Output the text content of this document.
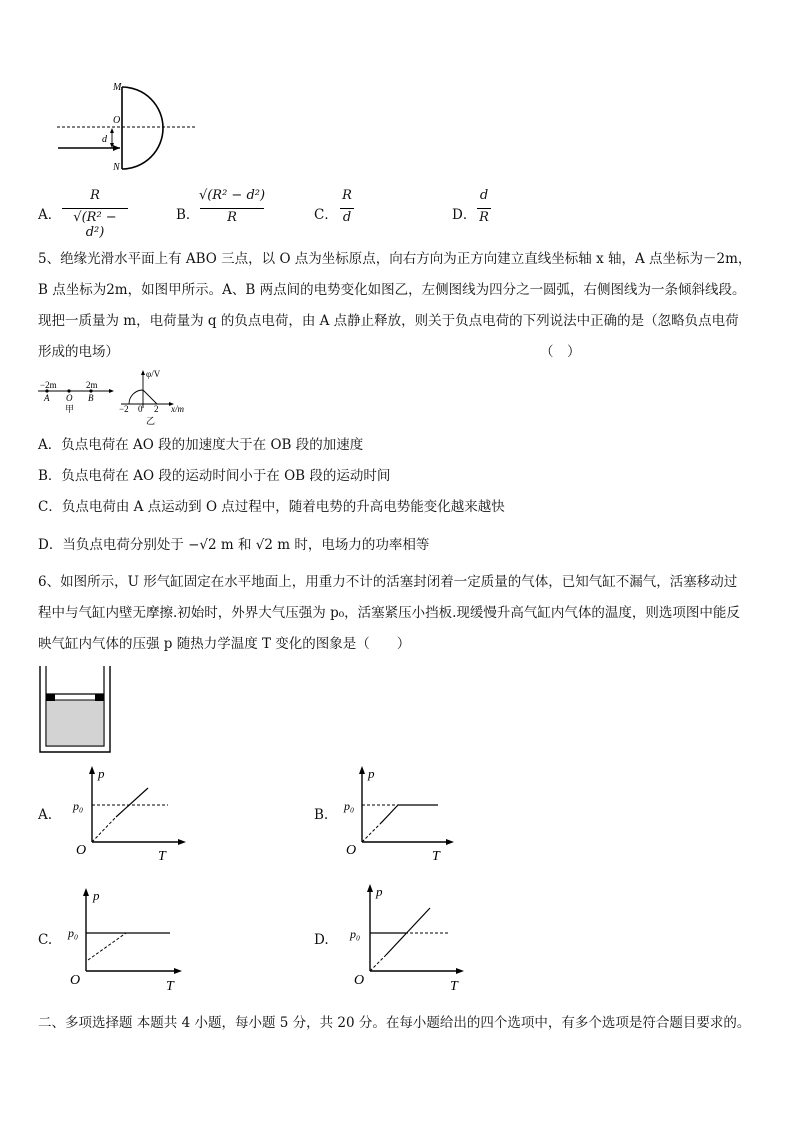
M
O
d
N
A．
R
√(R² − d²)
B．
√(R² − d²)
R	C．
R
d	D．
d
R
5、绝缘光滑水平面上有 ABO 三点，以 O 点为坐标原点，向右方向为正方向建立直线坐标轴 x 轴，A 点坐标为－2m，
B 点坐标为2m，如图甲所示。A、B 两点间的电势变化如图乙，左侧图线为四分之一圆弧，右侧图线为一条倾斜线段。
现把一质量为 m，电荷量为 q 的负点电荷，由 A 点静止释放，则关于负点电荷的下列说法中正确的是（忽略负点电荷
形成的电场）	（　）
−2m	2m
A O B
甲
φ/V
x/m
−2 0 2
乙
A．负点电荷在 AO 段的加速度大于在 OB 段的加速度
B．负点电荷在 AO 段的运动时间小于在 OB 段的运动时间
C．负点电荷由 A 点运动到 O 点过程中，随着电势的升高电势能变化越来越快
D．当负点电荷分别处于 −√2 m 和 √2 m 时，电场力的功率相等
6、如图所示，U 形气缸固定在水平地面上，用重力不计的活塞封闭着一定质量的气体，已知气缸不漏气，活塞移动过
程中与气缸内壁无摩擦.初始时，外界大气压强为 p₀，活塞紧压小挡板.现缓慢升高气缸内气体的温度，则选项图中能反
映气缸内气体的压强 p 随热力学温度 T 变化的图象是（　　）
A.
p
p₀
O	T
B.
p
p₀
O	T
C.
p
p₀
O	T
D.
p
p₀
O	T
二、多项选择题 本题共 4 小题，每小题 5 分，共 20 分。在每小题给出的四个选项中，有多个选项是符合题目要求的。
